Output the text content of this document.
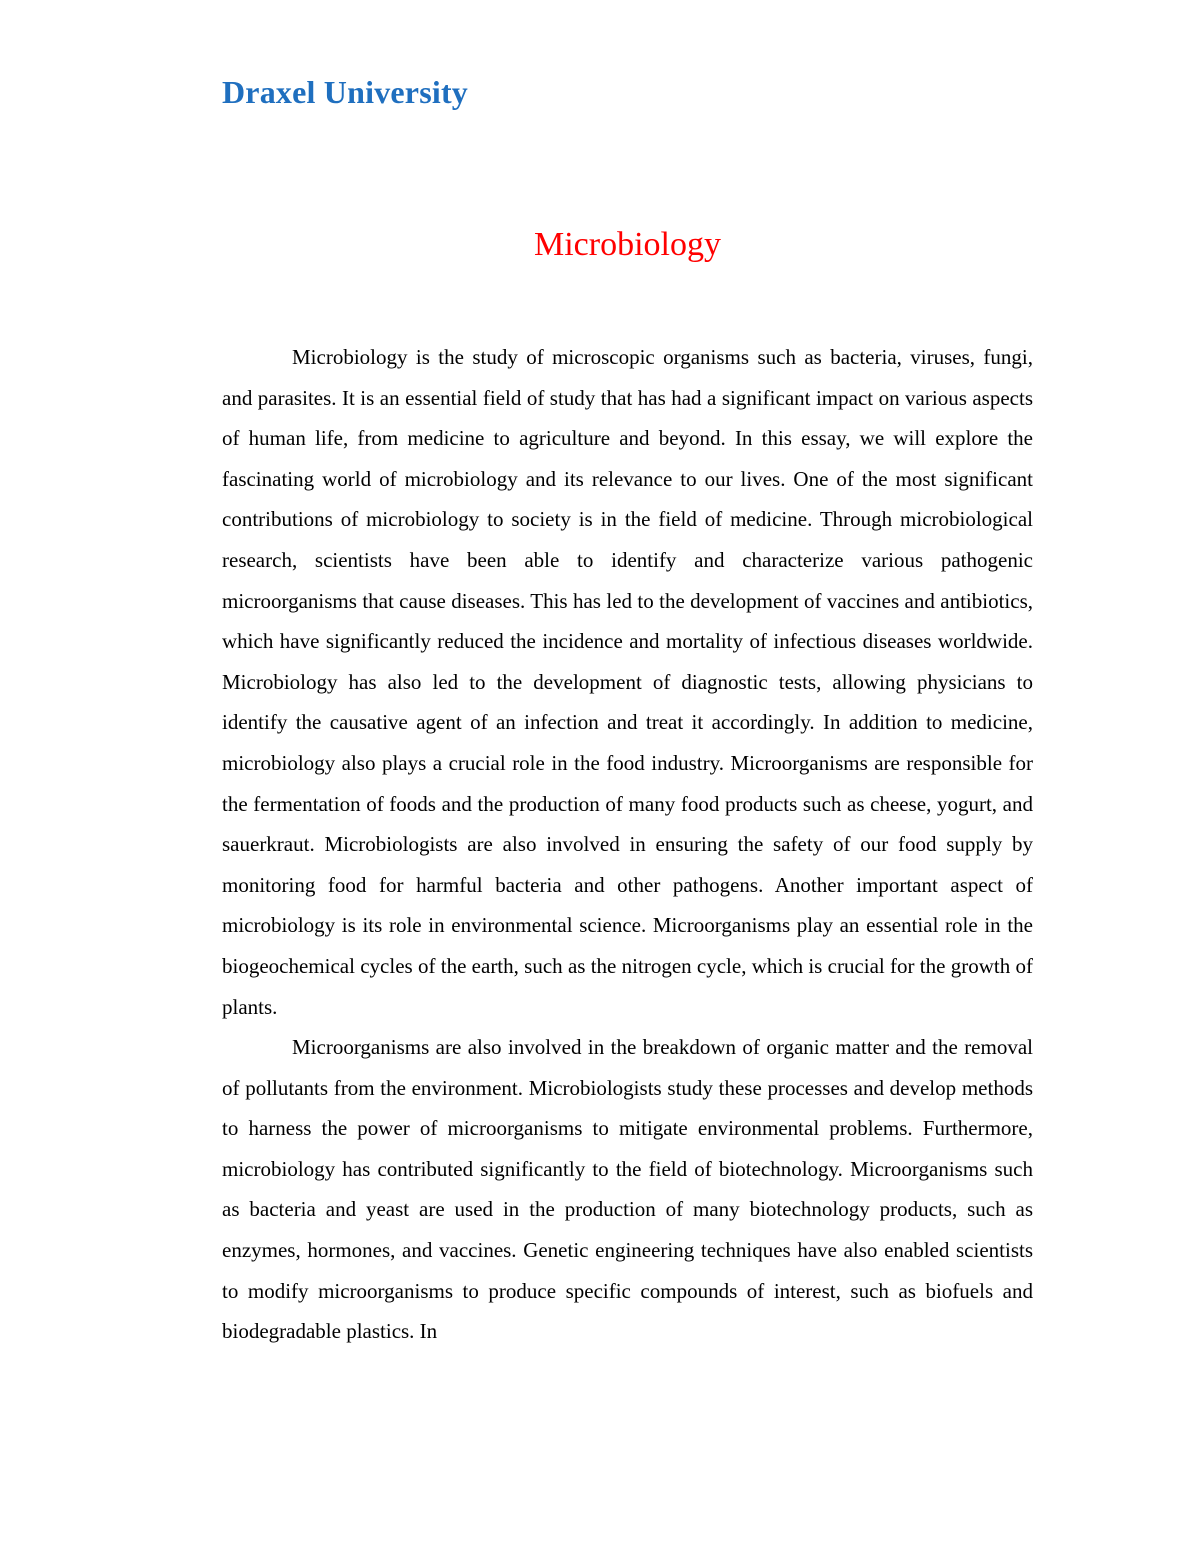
Draxel University
Microbiology

Microbiology is the study of microscopic organisms such as bacteria, viruses, fungi, and parasites. It is an essential field of study that has had a significant impact on various aspects of human life, from medicine to agriculture and beyond. In this essay, we will explore the fascinating world of microbiology and its relevance to our lives. One of the most significant contributions of microbiology to society is in the field of medicine. Through microbiological research, scientists have been able to identify and characterize various pathogenic microorganisms that cause diseases. This has led to the development of vaccines and antibiotics, which have significantly reduced the incidence and mortality of infectious diseases worldwide. Microbiology has also led to the development of diagnostic tests, allowing physicians to identify the causative agent of an infection and treat it accordingly. In addition to medicine, microbiology also plays a crucial role in the food industry. Microorganisms are responsible for the fermentation of foods and the production of many food products such as cheese, yogurt, and sauerkraut. Microbiologists are also involved in ensuring the safety of our food supply by monitoring food for harmful bacteria and other pathogens. Another important aspect of microbiology is its role in environmental science. Microorganisms play an essential role in the biogeochemical cycles of the earth, such as the nitrogen cycle, which is crucial for the growth of plants.

Microorganisms are also involved in the breakdown of organic matter and the removal of pollutants from the environment. Microbiologists study these processes and develop methods to harness the power of microorganisms to mitigate environmental problems. Furthermore, microbiology has contributed significantly to the field of biotechnology. Microorganisms such as bacteria and yeast are used in the production of many biotechnology products, such as enzymes, hormones, and vaccines. Genetic engineering techniques have also enabled scientists to modify microorganisms to produce specific compounds of interest, such as biofuels and biodegradable plastics. In
